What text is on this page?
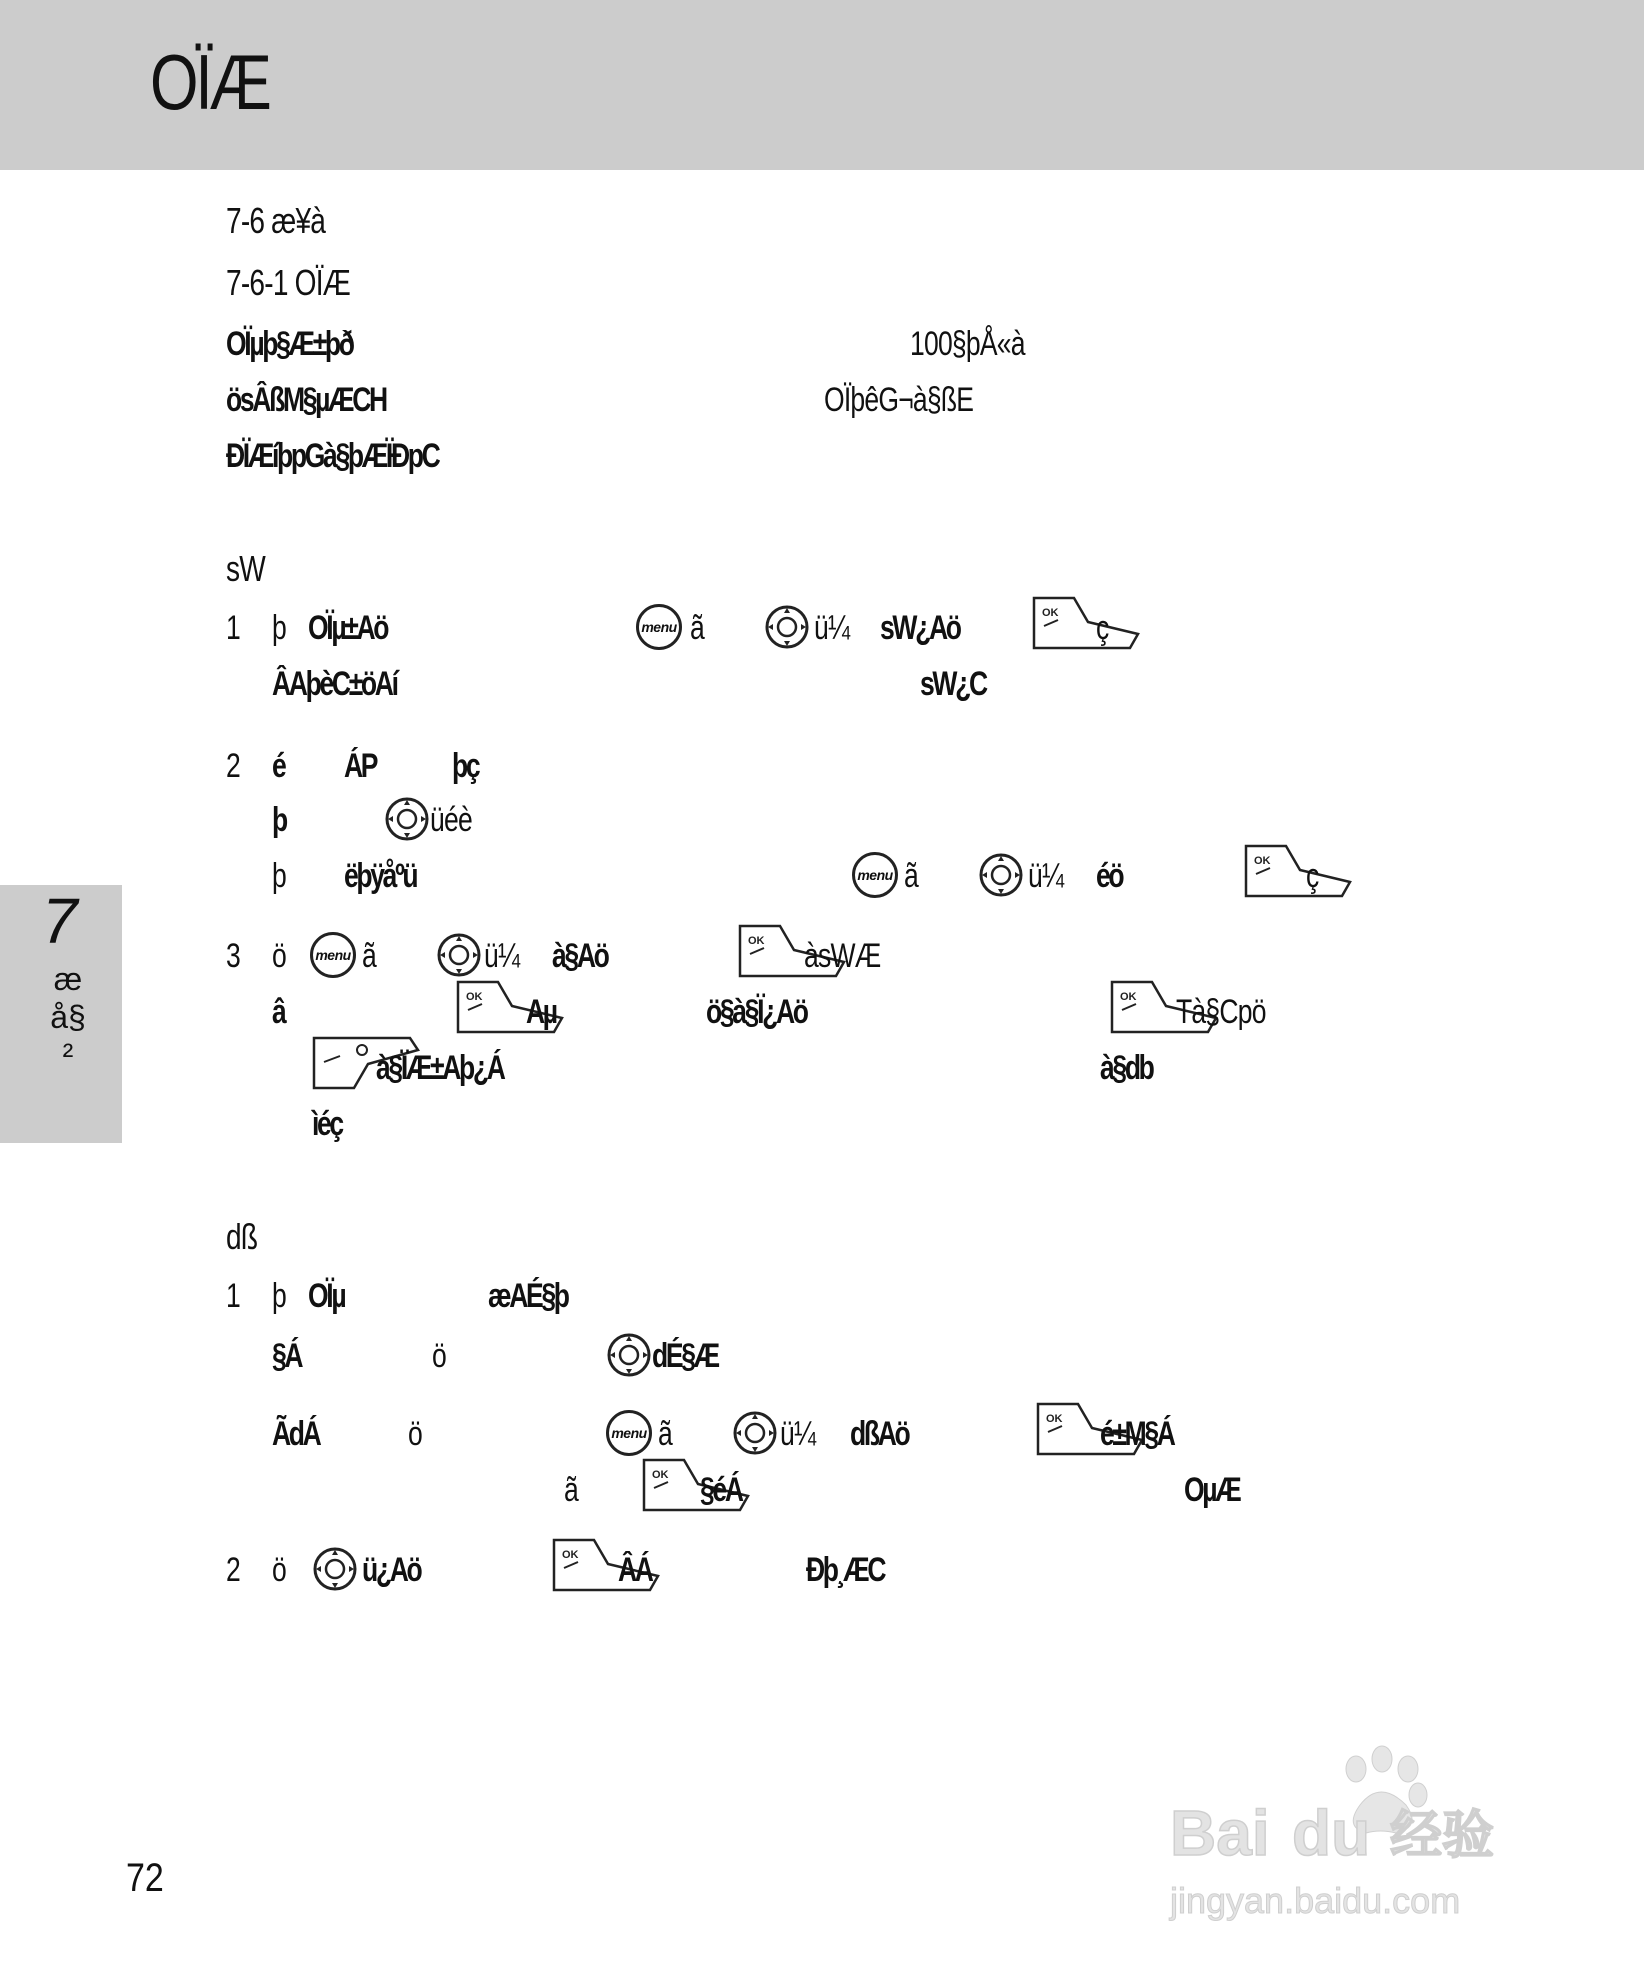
OÏÆ
7-6 æ¥à
7-6-1 OÏÆ
OÏµþ§Æ±þð	100§þÅ«à
ösÂßM§µÆCH	OÏþêG¬à§ßE
ÐÏÆíþpGà§þÆÏÐpC
sW
1 þ OÏµ±Aö	menu ã	ü¼ sW¿Aö	OK ç
ÂAþèC±öAí	sW¿C
2 é ÁP þç
þ	üéè
þ ëþÿåºü	menu ã	ü¼ éö	OK ç
3 ö menu ã	ü¼ à§Aö	OK àsWÆ
â	OK Aµ	ö§à§Ï¿Aö	OK Tà§Cpö
à§ÏÆ±Aþ¿Á	à§db
ìéç
dß
1 þ OÏµ	æAÉ§þ
§Á	ö	dÉ§Æ
ÃdÁ	ö	menu ã	ü¼ dßAö	OK é±M§Á
ã	OK §éÁ	OµÆ
2 ö ü¿Aö	OK ÂÁ	Ðþ¸ÆC
7
æå§²
72
Bai du 经验
jingyan.baidu.com
